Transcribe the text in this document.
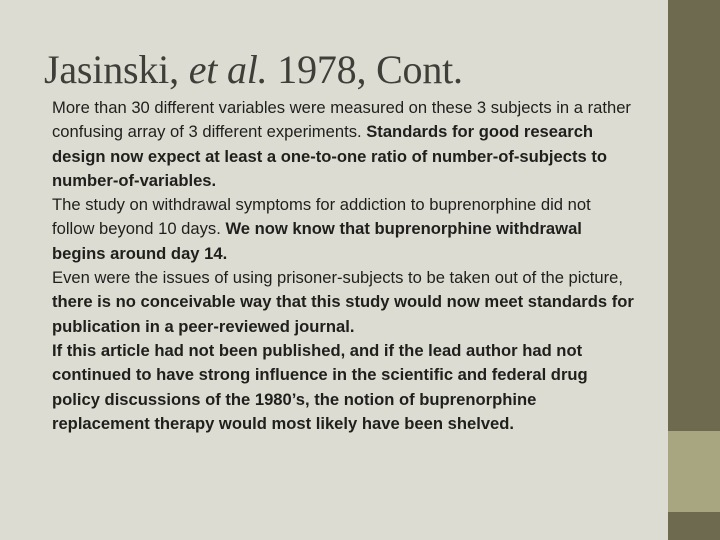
Jasinski, et al. 1978, Cont.

More than 30 different variables were measured on these 3 subjects in a rather confusing array of 3 different experiments. Standards for good research design now expect at least a one-to-one ratio of number-of-subjects to number-of-variables.

The study on withdrawal symptoms for addiction to buprenorphine did not follow beyond 10 days. We now know that buprenorphine withdrawal begins around day 14.

Even were the issues of using prisoner-subjects to be taken out of the picture, there is no conceivable way that this study would now meet standards for publication in a peer-reviewed journal.

If this article had not been published, and if the lead author had not continued to have strong influence in the scientific and federal drug policy discussions of the 1980’s, the notion of buprenorphine replacement therapy would most likely have been shelved.
